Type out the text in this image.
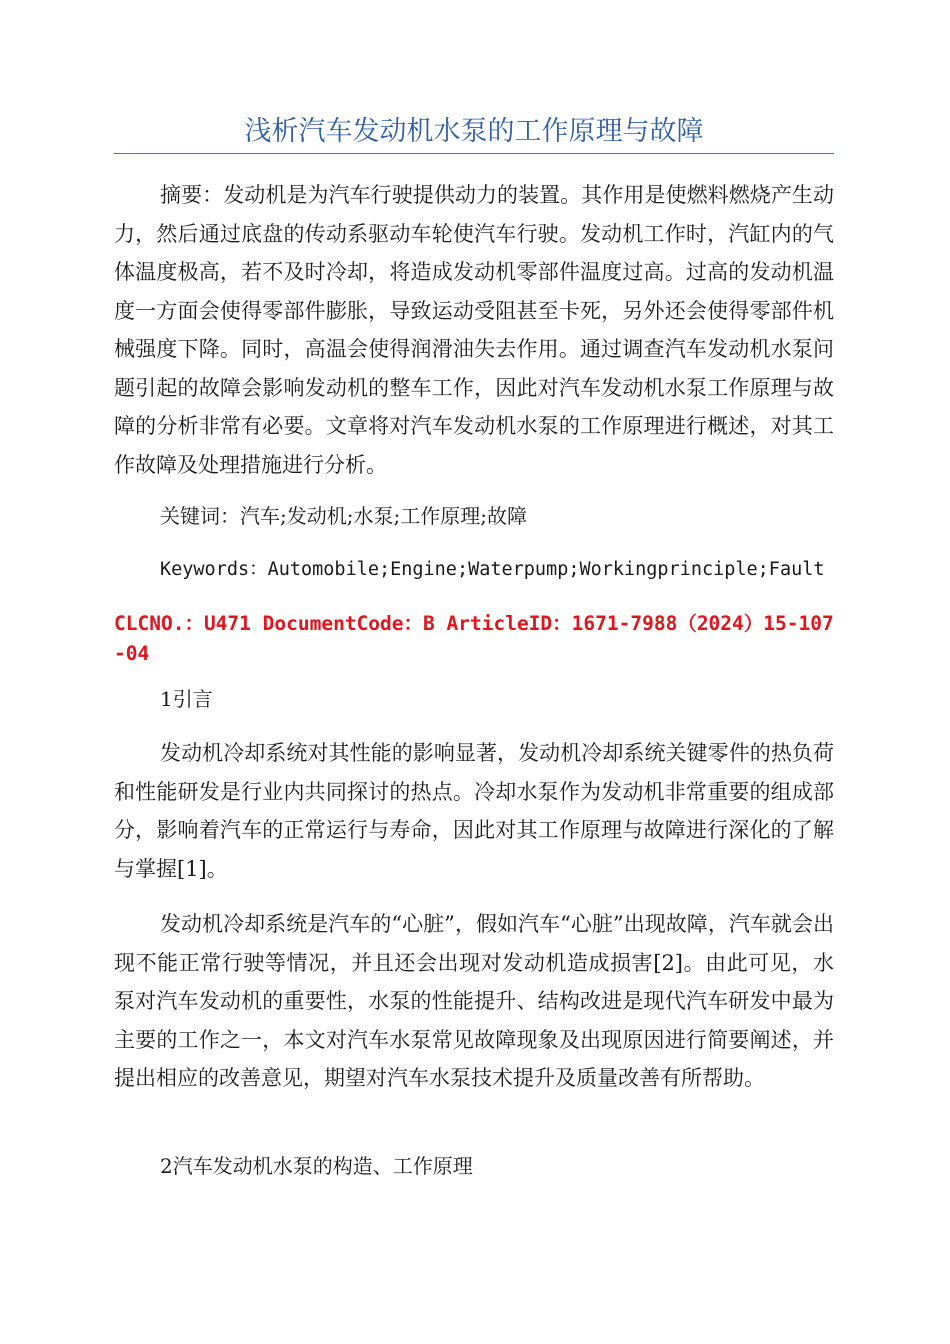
浅析汽车发动机水泵的工作原理与故障

摘要：发动机是为汽车行驶提供动力的装置。其作用是使燃料燃烧产生动力，然后通过底盘的传动系驱动车轮使汽车行驶。发动机工作时，汽缸内的气体温度极高，若不及时冷却，将造成发动机零部件温度过高。过高的发动机温度一方面会使得零部件膨胀，导致运动受阻甚至卡死，另外还会使得零部件机械强度下降。同时，高温会使得润滑油失去作用。通过调查汽车发动机水泵问题引起的故障会影响发动机的整车工作，因此对汽车发动机水泵工作原理与故障的分析非常有必要。文章将对汽车发动机水泵的工作原理进行概述，对其工作故障及处理措施进行分析。

关键词：汽车;发动机;水泵;工作原理;故障

Keywords：Automobile;Engine;Waterpump;Workingprinciple;Fault

CLCNO.：U471 DocumentCode：B ArticleID：1671-7988（2024）15-107-04

1引言

发动机冷却系统对其性能的影响显著，发动机冷却系统关键零件的热负荷和性能研发是行业内共同探讨的热点。冷却水泵作为发动机非常重要的组成部分，影响着汽车的正常运行与寿命，因此对其工作原理与故障进行深化的了解与掌握[1]。

发动机冷却系统是汽车的“心脏”，假如汽车“心脏”出现故障，汽车就会出现不能正常行驶等情况，并且还会出现对发动机造成损害[2]。由此可见，水泵对汽车发动机的重要性，水泵的性能提升、结构改进是现代汽车研发中最为主要的工作之一，本文对汽车水泵常见故障现象及出现原因进行简要阐述，并提出相应的改善意见，期望对汽车水泵技术提升及质量改善有所帮助。

2汽车发动机水泵的构造、工作原理
